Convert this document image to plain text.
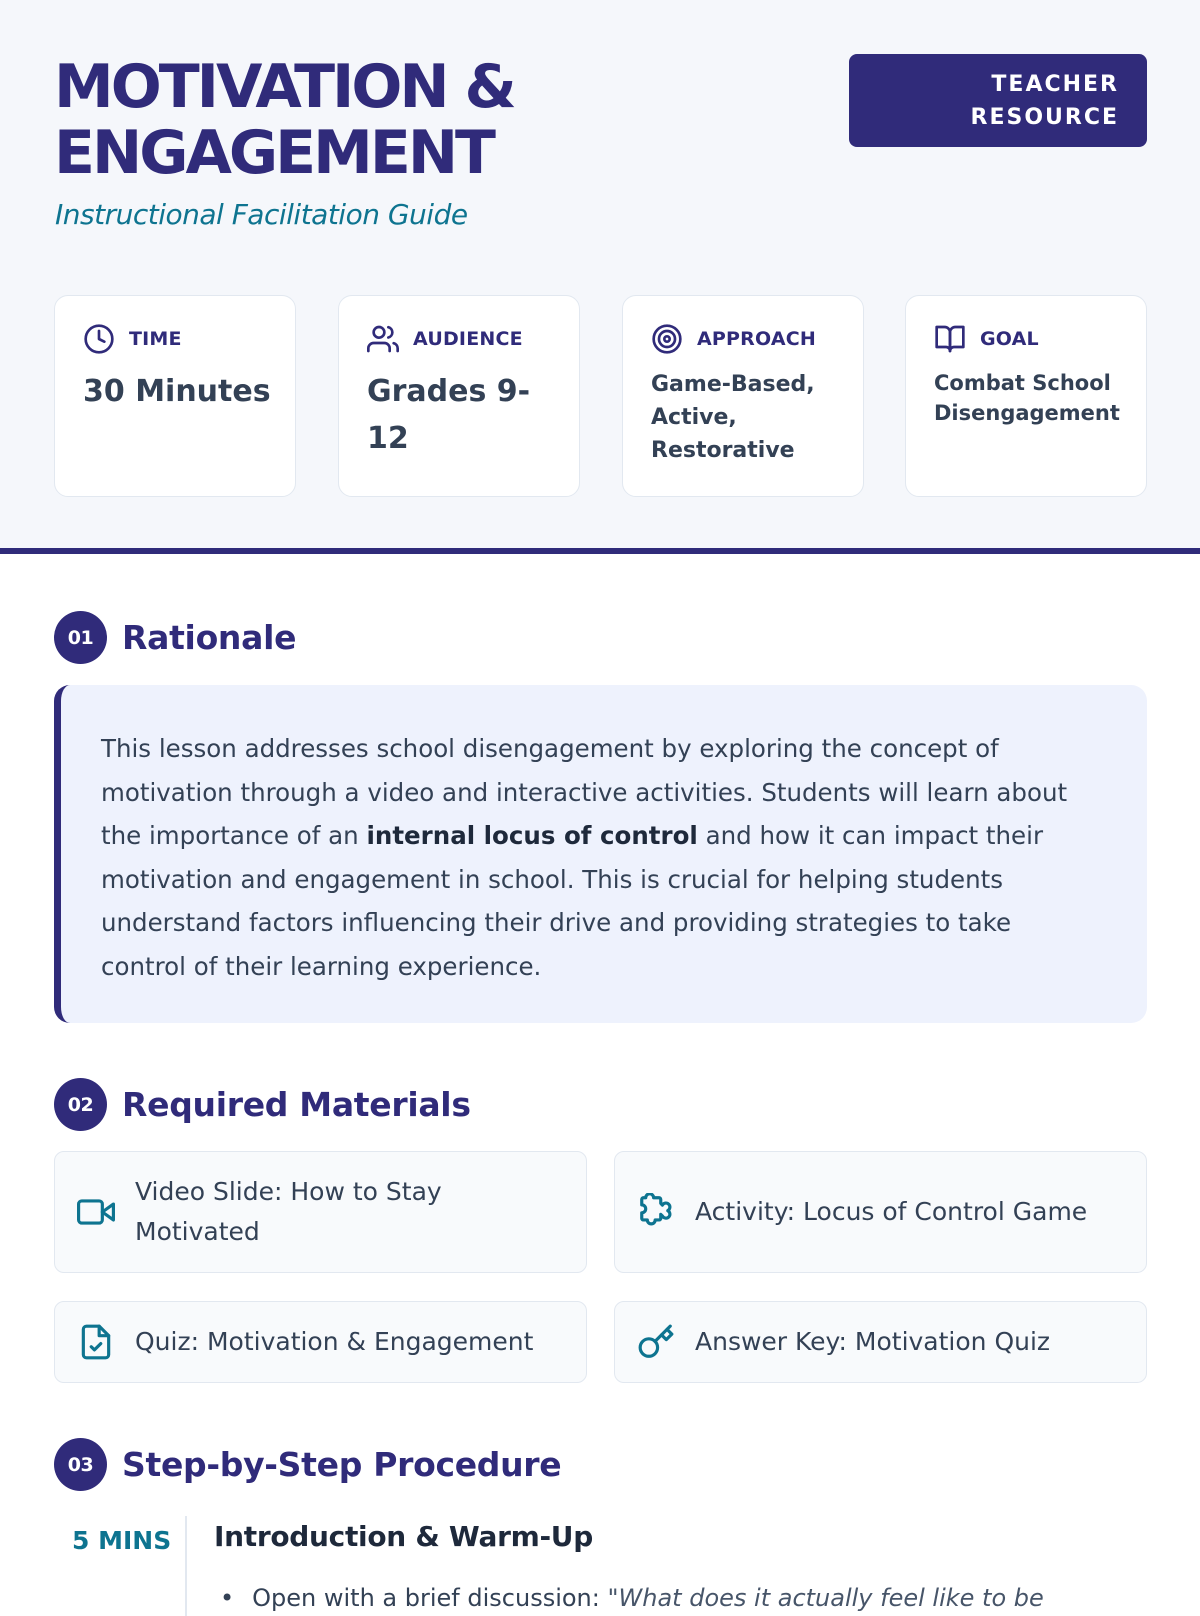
MOTIVATION &
ENGAGEMENT
Instructional Facilitation Guide
TEACHER
RESOURCE
TIME
30 Minutes
AUDIENCE
Grades 9-12
APPROACH
Game-Based, Active, Restorative
GOAL
Combat School Disengagement
01 Rationale

This lesson addresses school disengagement by exploring the concept of motivation through a video and interactive activities. Students will learn about the importance of an internal locus of control and how it can impact their motivation and engagement in school. This is crucial for helping students understand factors influencing their drive and providing strategies to take control of their learning experience.

02 Required Materials
Video Slide: How to Stay Motivated
Activity: Locus of Control Game
Quiz: Motivation & Engagement	Answer Key: Motivation Quiz
03 Step-by-Step Procedure
5 MINS Introduction & Warm-Up
• Open with a brief discussion: "What does it actually feel like to be
